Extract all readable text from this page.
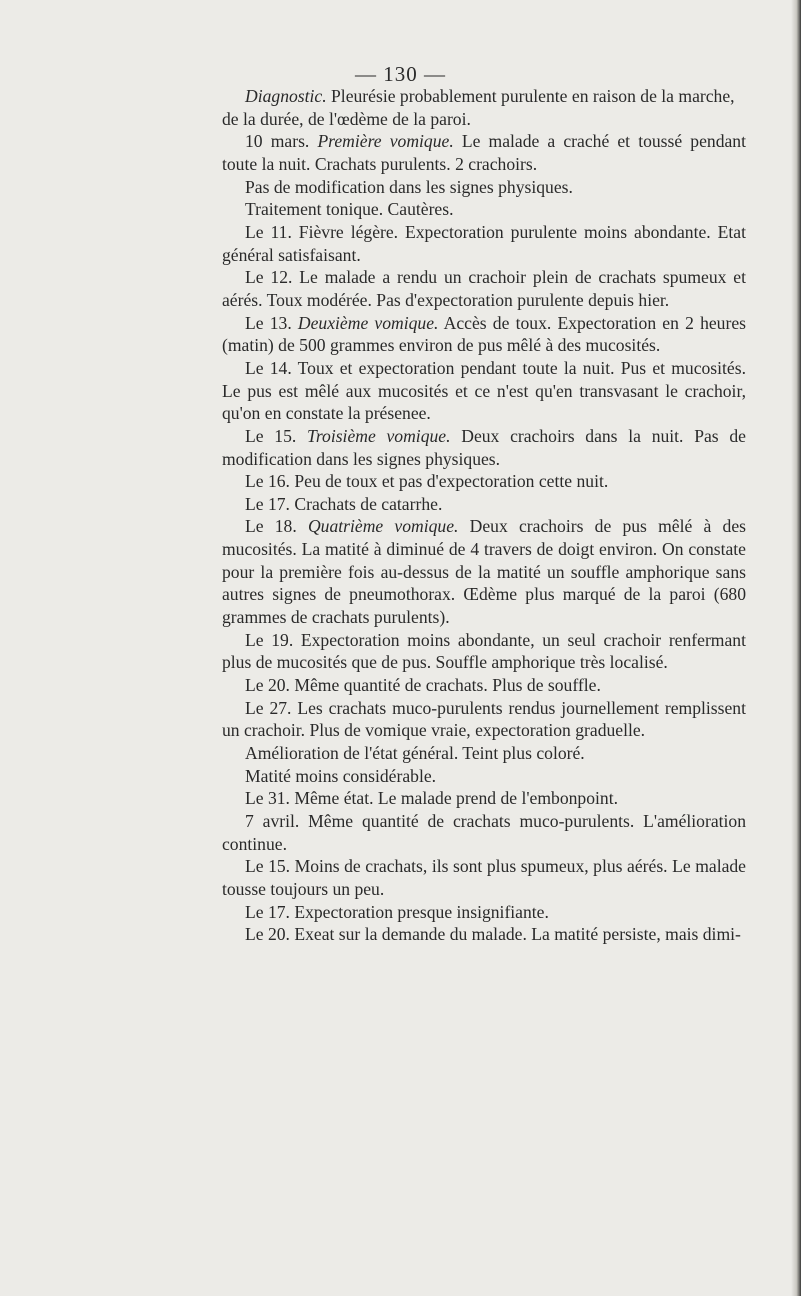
— 130 —

Diagnostic. Pleurésie probablement purulente en raison de la marche,

de la durée, de l'œdème de la paroi.

10 mars. Première vomique. Le malade a craché et toussé pendant toute la nuit. Crachats purulents. 2 crachoirs.

Pas de modification dans les signes physiques.

Traitement tonique. Cautères.

Le 11. Fièvre légère. Expectoration purulente moins abondante. Etat général satisfaisant.

Le 12. Le malade a rendu un crachoir plein de crachats spumeux et aérés. Toux modérée. Pas d'expectoration purulente depuis hier.

Le 13. Deuxième vomique. Accès de toux. Expectoration en 2 heures (matin) de 500 grammes environ de pus mêlé à des mucosités.

Le 14. Toux et expectoration pendant toute la nuit. Pus et mucosités. Le pus est mêlé aux mucosités et ce n'est qu'en transvasant le crachoir, qu'on en constate la présenee.

Le 15. Troisième vomique. Deux crachoirs dans la nuit. Pas de modification dans les signes physiques.

Le 16. Peu de toux et pas d'expectoration cette nuit.

Le 17. Crachats de catarrhe.

Le 18. Quatrième vomique. Deux crachoirs de pus mêlé à des mucosités. La matité à diminué de 4 travers de doigt environ. On constate pour la première fois au-dessus de la matité un souffle amphorique sans autres signes de pneumothorax. Œdème plus marqué de la paroi (680 grammes de crachats purulents).

Le 19. Expectoration moins abondante, un seul crachoir renfermant plus de mucosités que de pus. Souffle amphorique très localisé.

Le 20. Même quantité de crachats. Plus de souffle.

Le 27. Les crachats muco-purulents rendus journellement remplissent un crachoir. Plus de vomique vraie, expectoration graduelle.

Amélioration de l'état général. Teint plus coloré.

Matité moins considérable.

Le 31. Même état. Le malade prend de l'embonpoint.

7 avril. Même quantité de crachats muco-purulents. L'amélioration continue.

Le 15. Moins de crachats, ils sont plus spumeux, plus aérés. Le malade tousse toujours un peu.

Le 17. Expectoration presque insignifiante.

Le 20. Exeat sur la demande du malade. La matité persiste, mais dimi-
